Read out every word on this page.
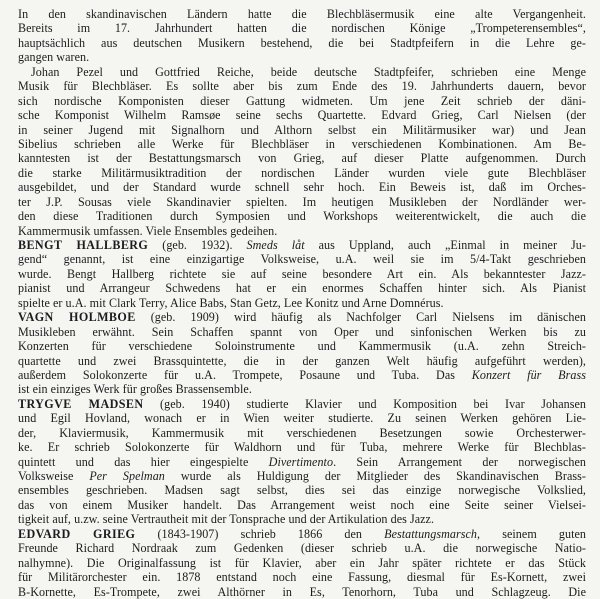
In den skandinavischen Ländern hatte die Blechbläsermusik eine alte Vergangenheit.
Bereits im 17. Jahrhundert hatten die nordischen Könige „Trompeterensembles“,
hauptsächlich aus deutschen Musikern bestehend, die bei Stadtpfeifern in die Lehre ge-
gangen waren.
Johan Pezel und Gottfried Reiche, beide deutsche Stadtpfeifer, schrieben eine Menge
Musik für Blechbläser. Es sollte aber bis zum Ende des 19. Jahrhunderts dauern, bevor
sich nordische Komponisten dieser Gattung widmeten. Um jene Zeit schrieb der däni-
sche Komponist Wilhelm Ramsøe seine sechs Quartette. Edvard Grieg, Carl Nielsen (der
in seiner Jugend mit Signalhorn und Althorn selbst ein Militärmusiker war) und Jean
Sibelius schrieben alle Werke für Blechbläser in verschiedenen Kombinationen. Am Be-
kanntesten ist der Bestattungsmarsch von Grieg, auf dieser Platte aufgenommen. Durch
die starke Militärmusiktradition der nordischen Länder wurden viele gute Blechbläser
ausgebildet, und der Standard wurde schnell sehr hoch. Ein Beweis ist, daß im Orches-
ter J.P. Sousas viele Skandinavier spielten. Im heutigen Musikleben der Nordländer wer-
den diese Traditionen durch Symposien und Workshops weiterentwickelt, die auch die
Kammermusik umfassen. Viele Ensembles gedeihen.
BENGT HALLBERG (geb. 1932). Smeds låt aus Uppland, auch „Einmal in meiner Ju-
gend“ genannt, ist eine einzigartige Volksweise, u.A. weil sie im 5/4-Takt geschrieben
wurde. Bengt Hallberg richtete sie auf seine besondere Art ein. Als bekanntester Jazz-
pianist und Arrangeur Schwedens hat er ein enormes Schaffen hinter sich. Als Pianist
spielte er u.A. mit Clark Terry, Alice Babs, Stan Getz, Lee Konitz und Arne Domnérus.
VAGN HOLMBOE (geb. 1909) wird häufig als Nachfolger Carl Nielsens im dänischen
Musikleben erwähnt. Sein Schaffen spannt von Oper und sinfonischen Werken bis zu
Konzerten für verschiedene Soloinstrumente und Kammermusik (u.A. zehn Streich-
quartette und zwei Brassquintette, die in der ganzen Welt häufig aufgeführt werden),
außerdem Solokonzerte für u.A. Trompete, Posaune und Tuba. Das Konzert für Brass
ist ein einziges Werk für großes Brassensemble.
TRYGVE MADSEN (geb. 1940) studierte Klavier und Komposition bei Ivar Johansen
und Egil Hovland, wonach er in Wien weiter studierte. Zu seinen Werken gehören Lie-
der, Klaviermusik, Kammermusik mit verschiedenen Besetzungen sowie Orchesterwer-
ke. Er schrieb Solokonzerte für Waldhorn und für Tuba, mehrere Werke für Blechblas-
quintett und das hier eingespielte Divertimento. Sein Arrangement der norwegischen
Volksweise Per Spelman wurde als Huldigung der Mitglieder des Skandinavischen Brass-
ensembles geschrieben. Madsen sagt selbst, dies sei das einzige norwegische Volkslied,
das von einem Musiker handelt. Das Arrangement weist noch eine Seite seiner Vielsei-
tigkeit auf, u.zw. seine Vertrautheit mit der Tonsprache und der Artikulation des Jazz.
EDVARD GRIEG (1843-1907) schrieb 1866 den Bestattungsmarsch, seinem guten
Freunde Richard Nordraak zum Gedenken (dieser schrieb u.A. die norwegische Natio-
nalhymne). Die Originalfassung ist für Klavier, aber ein Jahr später richtete er das Stück
für Militärorchester ein. 1878 entstand noch eine Fassung, diesmal für Es-Kornett, zwei
B-Kornette, Es-Trompete, zwei Althörner in Es, Tenorhorn, Tuba und Schlagzeug. Die
